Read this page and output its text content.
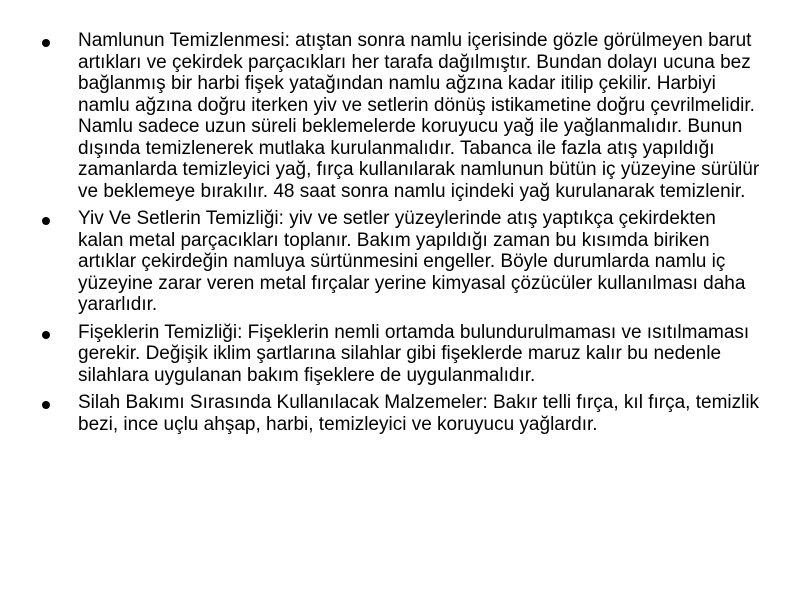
Namlunun Temizlenmesi: atıştan sonra namlu içerisinde gözle görülmeyen barut artıkları ve çekirdek parçacıkları her tarafa dağılmıştır. Bundan dolayı ucuna bez bağlanmış bir harbi fişek yatağından namlu ağzına kadar itilip çekilir. Harbiyi namlu ağzına doğru iterken yiv ve setlerin dönüş istikametine doğru çevrilmelidir. Namlu sadece uzun süreli beklemelerde koruyucu yağ ile yağlanmalıdır. Bunun dışında temizlenerek mutlaka kurulanmalıdır. Tabanca ile fazla atış yapıldığı zamanlarda temizleyici yağ, fırça kullanılarak namlunun bütün iç yüzeyine sürülür ve beklemeye bırakılır. 48 saat sonra namlu içindeki yağ kurulanarak temizlenir.
Yiv Ve Setlerin Temizliği: yiv ve setler yüzeylerinde atış yaptıkça çekirdekten kalan metal parçacıkları toplanır. Bakım yapıldığı zaman bu kısımda biriken artıklar çekirdeğin namluya sürtünmesini engeller. Böyle durumlarda namlu iç yüzeyine zarar veren metal fırçalar yerine kimyasal çözücüler kullanılması daha yararlıdır.
Fişeklerin Temizliği: Fişeklerin nemli ortamda bulundurulmaması ve ısıtılmaması gerekir. Değişik iklim şartlarına silahlar gibi fişeklerde maruz kalır bu nedenle silahlara uygulanan bakım fişeklere de uygulanmalıdır.
Silah Bakımı Sırasında Kullanılacak Malzemeler: Bakır telli fırça, kıl fırça, temizlik bezi, ince uçlu ahşap, harbi, temizleyici ve koruyucu yağlardır.
